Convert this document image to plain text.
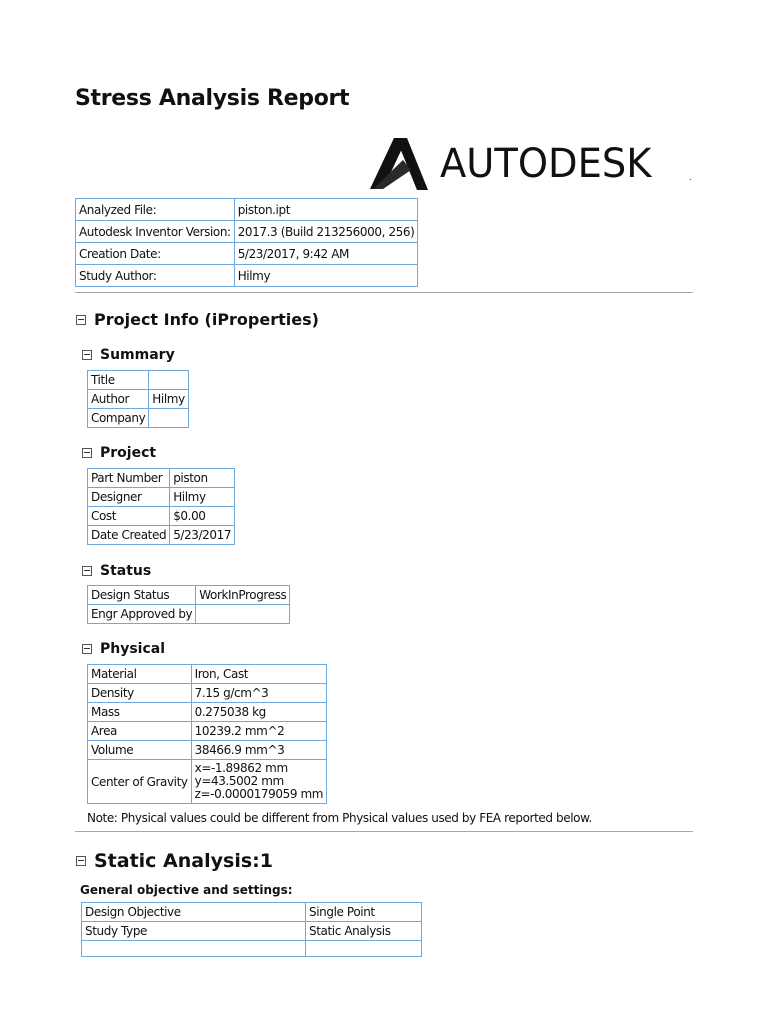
Stress Analysis Report
AUTODESK	.
Analyzed File:	piston.ipt
Autodesk Inventor Version:	2017.3 (Build 213256000, 256)
Creation Date:	5/23/2017, 9:42 AM
Study Author:	Hilmy
Project Info (iProperties)
Summary
Title	
Author	Hilmy
Company	
Project
Part Number	piston
Designer	Hilmy
Cost	$0.00
Date Created	5/23/2017
Status
Design Status	WorkInProgress
Engr Approved by	
Physical
Material	Iron, Cast
Density	7.15 g/cm^3
Mass	0.275038 kg
Area	10239.2 mm^2
Volume	38466.9 mm^3
Center of Gravity	x=-1.89862 mm
y=43.5002 mm
z=-0.0000179059 mm
Note: Physical values could be different from Physical values used by FEA reported below.
Static Analysis:1
General objective and settings:
Design Objective	Single Point
Study Type	Static Analysis
